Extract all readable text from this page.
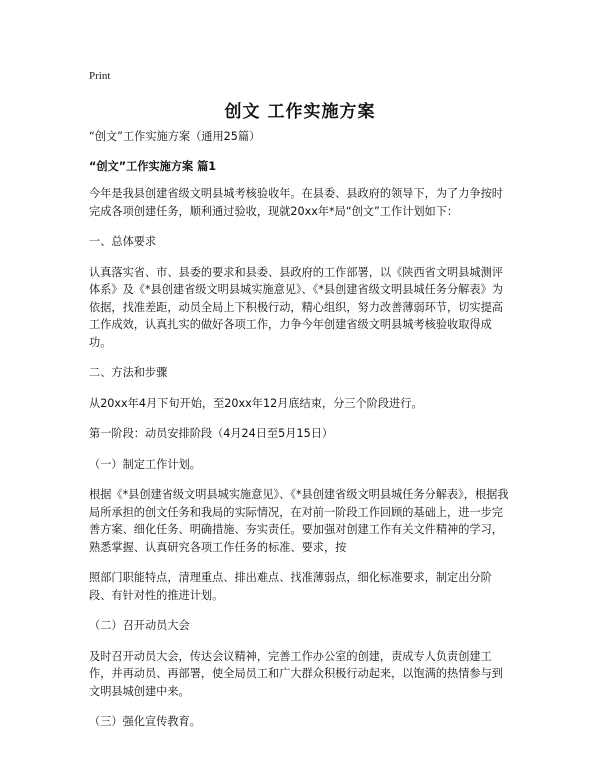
Print
创文 工作实施方案

“创文”工作实施方案（通用25篇）

“创文”工作实施方案 篇1

今年是我县创建省级文明县城考核验收年。在县委、县政府的领导下，为了力争按时完成各项创建任务，顺利通过验收，现就20xx年*局“创文”工作计划如下：

一、总体要求

认真落实省、市、县委的要求和县委、县政府的工作部署，以《陕西省文明县城测评体系》及《*县创建省级文明县城实施意见》、《*县创建省级文明县城任务分解表》为依据，找准差距，动员全局上下积极行动，精心组织，努力改善薄弱环节，切实提高工作成效，认真扎实的做好各项工作，力争今年创建省级文明县城考核验收取得成功。

二、方法和步骤

从20xx年4月下旬开始，至20xx年12月底结束，分三个阶段进行。

第一阶段：动员安排阶段（4月24日至5月15日）

（一）制定工作计划。

根据《*县创建省级文明县城实施意见》、《*县创建省级文明县城任务分解表》，根据我局所承担的创文任务和我局的实际情况，在对前一阶段工作回顾的基础上，进一步完善方案、细化任务、明确措施、夯实责任。要加强对创建工作有关文件精神的学习，熟悉掌握、认真研究各项工作任务的标准、要求，按

照部门职能特点，清理重点、排出难点、找准薄弱点，细化标准要求，制定出分阶段、有针对性的推进计划。

（二）召开动员大会

及时召开动员大会，传达会议精神，完善工作办公室的创建，责成专人负责创建工作，并再动员、再部署，使全局员工和广大群众积极行动起来，以饱满的热情参与到文明县城创建中来。

（三）强化宣传教育。
